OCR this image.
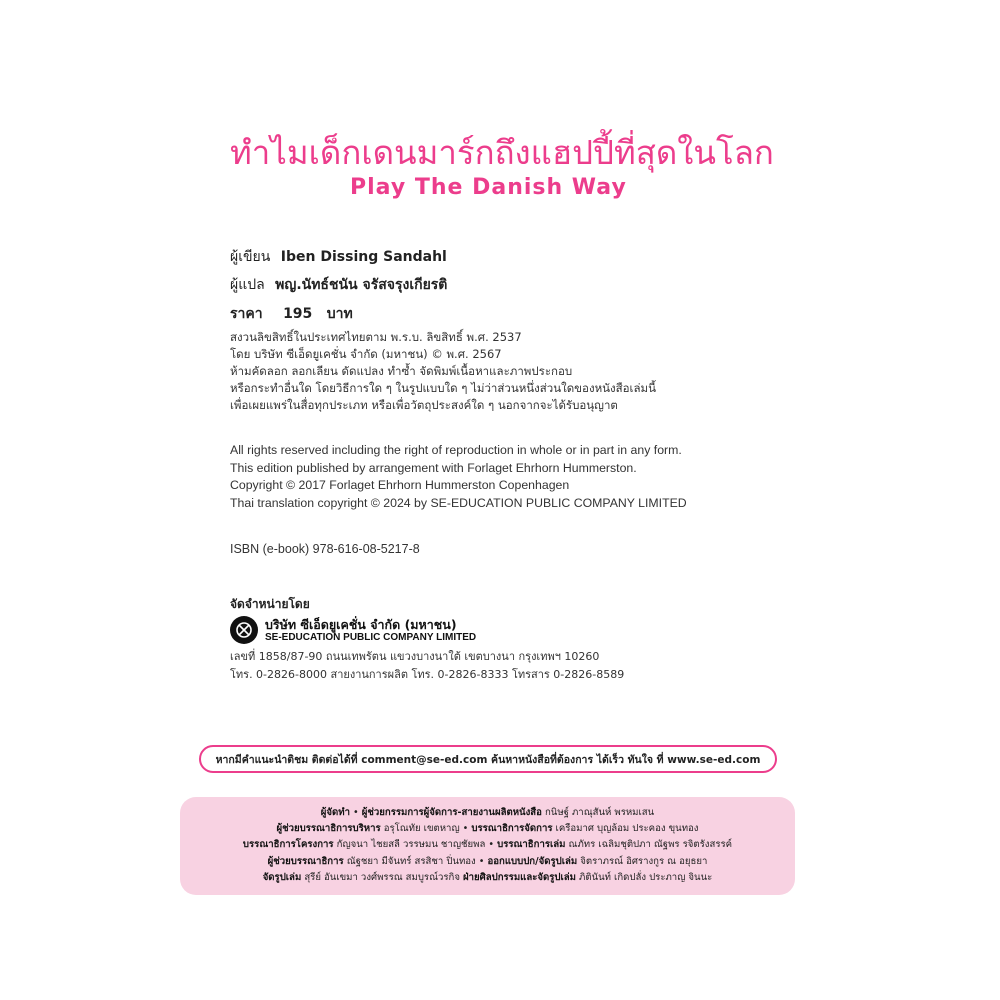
ทำไมเด็กเดนมาร์กถึงแฮปปี้ที่สุดในโลก
Play The Danish Way
ผู้เขียน Iben Dissing Sandahl
ผู้แปล พญ.นัทธ์ชนัน จรัสจรุงเกียรติ
ราคา 195 บาท
สงวนลิขสิทธิ์ในประเทศไทยตาม พ.ร.บ. ลิขสิทธิ์ พ.ศ. 2537
โดย บริษัท ซีเอ็ดยูเคชั่น จำกัด (มหาชน) © พ.ศ. 2567
ห้ามคัดลอก ลอกเลียน ดัดแปลง ทำซ้ำ จัดพิมพ์เนื้อหาและภาพประกอบ
หรือกระทำอื่นใด โดยวิธีการใด ๆ ในรูปแบบใด ๆ ไม่ว่าส่วนหนึ่งส่วนใดของหนังสือเล่มนี้
เพื่อเผยแพร่ในสื่อทุกประเภท หรือเพื่อวัตถุประสงค์ใด ๆ นอกจากจะได้รับอนุญาต
All rights reserved including the right of reproduction in whole or in part in any form.
This edition published by arrangement with Forlaget Ehrhorn Hummerston.
Copyright © 2017 Forlaget Ehrhorn Hummerston Copenhagen
Thai translation copyright © 2024 by SE-EDUCATION PUBLIC COMPANY LIMITED
ISBN (e-book) 978-616-08-5217-8
จัดจำหน่ายโดย
บริษัท ซีเอ็ดยูเคชั่น จำกัด (มหาชน)
SE-EDUCATION PUBLIC COMPANY LIMITED
เลขที่ 1858/87-90 ถนนเทพรัตน แขวงบางนาใต้ เขตบางนา กรุงเทพฯ 10260
โทร. 0-2826-8000 สายงานการผลิต โทร. 0-2826-8333 โทรสาร 0-2826-8589
หากมีคำแนะนำติชม ติดต่อได้ที่ comment@se-ed.com ค้นหาหนังสือที่ต้องการ ได้เร็ว ทันใจ ที่ www.se-ed.com
ผู้จัดทำ • ผู้ช่วยกรรมการผู้จัดการ-สายงานผลิตหนังสือ กนิษฐ์ ภาณุสันห์ พรหมเสน
ผู้ช่วยบรรณาธิการบริหาร อรุโณทัย เขตหาญ • บรรณาธิการจัดการ เครือมาศ บุญล้อม ประคอง ขุนทอง
บรรณาธิการโครงการ กัญจนา ไชยสลี วรรษมน ชาญชัยพล • บรรณาธิการเล่ม ณภัทร เฉลิมชุติปภา ณัฐพร รจิตรังสรรค์
ผู้ช่วยบรรณาธิการ ณัฐชยา มีจันทร์ สรสิชา ปิ่นทอง • ออกแบบปก/จัดรูปเล่ม จิตราภรณ์ อิศรางกูร ณ อยุธยา
จัดรูปเล่ม สุรีย์ อันเขมา วงศ์พรรณ สมบูรณ์วรกิจ ฝ่ายศิลปกรรมและจัดรูปเล่ม ภิตินันท์ เกิดปลั่ง ประภาญ จินนะ
